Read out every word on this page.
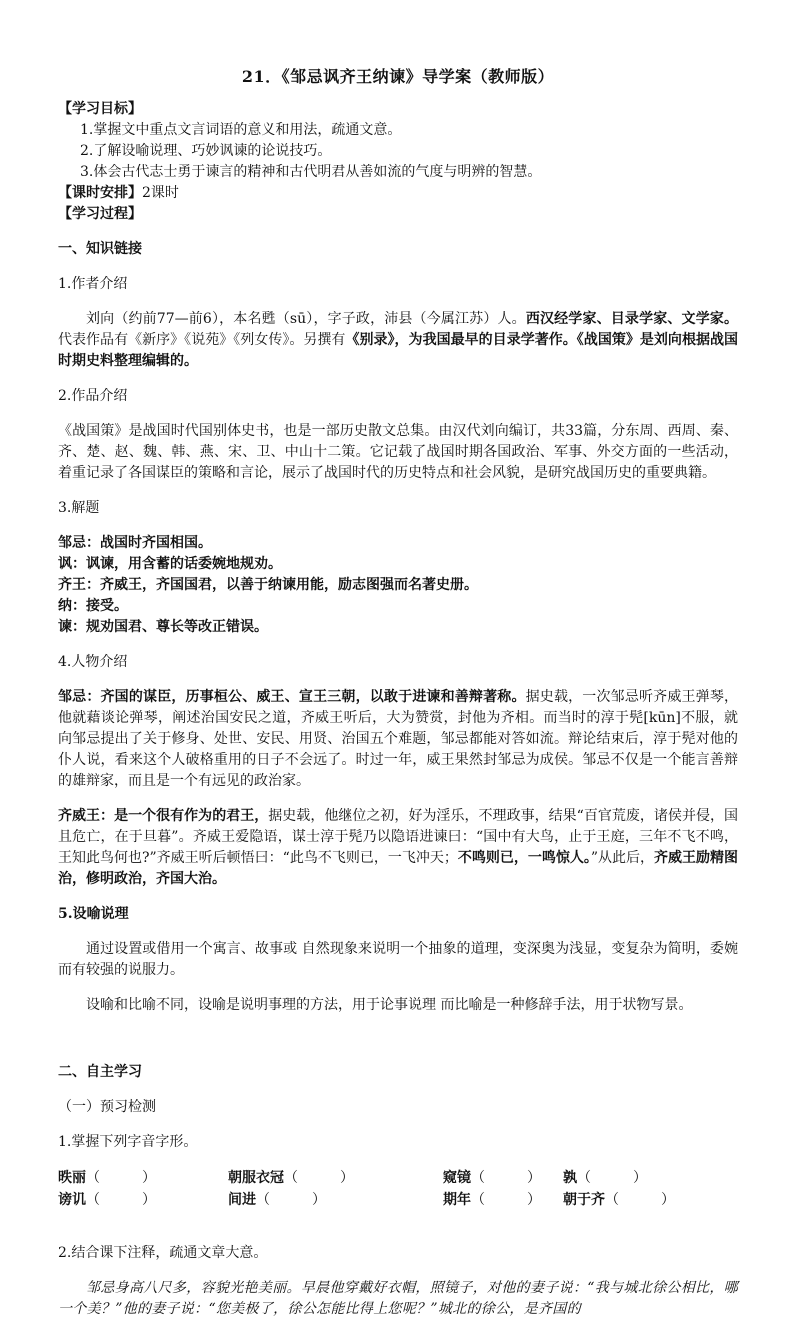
21．《邹忌讽齐王纳谏》导学案（教师版）

【学习目标】

1.掌握文中重点文言词语的意义和用法，疏通文意。

2.了解设喻说理、巧妙讽谏的论说技巧。

3.体会古代志士勇于谏言的精神和古代明君从善如流的气度与明辨的智慧。

【课时安排】2课时

【学习过程】

一、知识链接

1.作者介绍

刘向（约前77—前6），本名甦（sū），字子政，沛县（今属江苏）人。西汉经学家、目录学家、文学家。代表作品有《新序》《说苑》《列女传》。另撰有《别录》，为我国最早的目录学著作。《战国策》是刘向根据战国时期史料整理编辑的。

2.作品介绍

《战国策》是战国时代国别体史书，也是一部历史散文总集。由汉代刘向编订，共33篇，分东周、西周、秦、齐、楚、赵、魏、韩、燕、宋、卫、中山十二策。它记载了战国时期各国政治、军事、外交方面的一些活动，着重记录了各国谋臣的策略和言论，展示了战国时代的历史特点和社会风貌，是研究战国历史的重要典籍。

3.解题

邹忌：战国时齐国相国。

讽：讽谏，用含蓄的话委婉地规劝。

齐王：齐威王，齐国国君，以善于纳谏用能，励志图强而名著史册。

纳：接受。

谏：规劝国君、尊长等改正错误。

4.人物介绍

邹忌：齐国的谋臣，历事桓公、威王、宣王三朝，以敢于进谏和善辩著称。据史载，一次邹忌听齐威王弹琴，他就藉谈论弹琴，阐述治国安民之道，齐威王听后，大为赞赏，封他为齐相。而当时的淳于髡[kūn]不服，就向邹忌提出了关于修身、处世、安民、用贤、治国五个难题，邹忌都能对答如流。辩论结束后，淳于髡对他的仆人说，看来这个人破格重用的日子不会远了。时过一年，威王果然封邹忌为成侯。邹忌不仅是一个能言善辩的雄辩家，而且是一个有远见的政治家。

齐威王：是一个很有作为的君王，据史载，他继位之初，好为淫乐，不理政事，结果“百官荒废，诸侯并侵，国且危亡，在于旦暮”。齐威王爱隐语，谋士淳于髡乃以隐语进谏曰：“国中有大鸟，止于王庭，三年不飞不鸣，王知此鸟何也?”齐威王听后顿悟曰：“此鸟不飞则已，一飞冲天；不鸣则已，一鸣惊人。”从此后，齐威王励精图治，修明政治，齐国大治。

5.设喻说理

通过设置或借用一个寓言、故事或 自然现象来说明一个抽象的道理，变深奥为浅显，变复杂为简明，委婉而有较强的说服力。

设喻和比喻不同，设喻是说明事理的方法，用于论事说理 而比喻是一种修辞手法，用于状物写景。

二、自主学习

（一）预习检测

1.掌握下列字音字形。

昳丽（　　　）	朝服衣冠（　　　）	窥镜（　　　）	孰（　　　）
谤讥（　　　）	间进（　　　）	期年（　　　）	朝于齐（　　　）

2.结合课下注释，疏通文章大意。

邹忌身高八尺多，容貌光艳美丽。早晨他穿戴好衣帽，照镜子，对他的妻子说：“我与城北徐公相比，哪一个美？”他的妻子说：“您美极了，徐公怎能比得上您呢？”城北的徐公，是齐国的
